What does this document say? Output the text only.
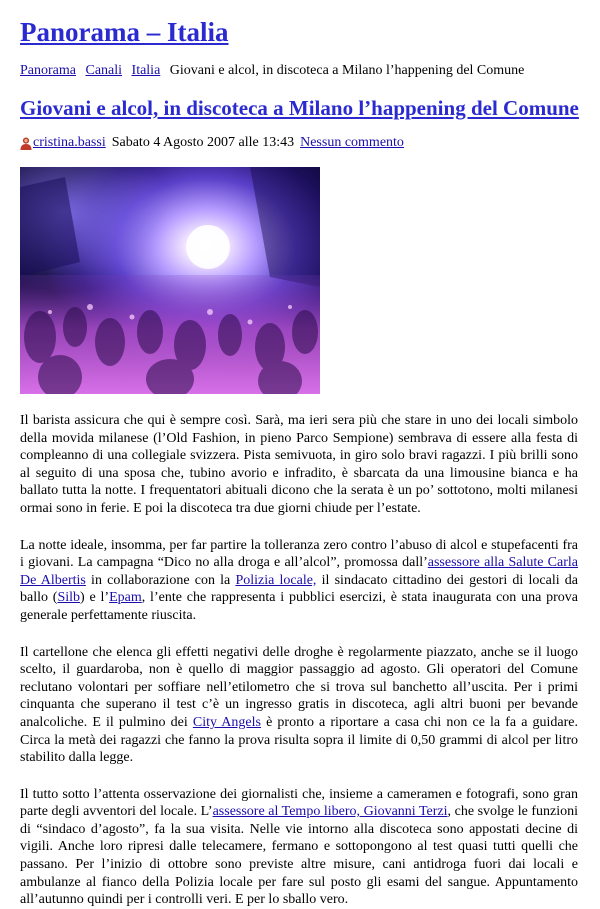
Panorama – Italia
Panorama Canali Italia Giovani e alcol, in discoteca a Milano l’happening del Comune
Giovani e alcol, in discoteca a Milano l’happening del Comune
cristina.bassi Sabato 4 Agosto 2007 alle 13:43 Nessun commento

Il barista assicura che qui è sempre così. Sarà, ma ieri sera più che stare in uno dei locali simbolo della movida milanese (l’Old Fashion, in pieno Parco Sempione) sembrava di essere alla festa di compleanno di una collegiale svizzera. Pista semivuota, in giro solo bravi ragazzi. I più brilli sono al seguito di una sposa che, tubino avorio e infradito, è sbarcata da una limousine bianca e ha ballato tutta la notte. I frequentatori abituali dicono che la serata è un po’ sottotono, molti milanesi ormai sono in ferie. E poi la discoteca tra due giorni chiude per l’estate.

La notte ideale, insomma, per far partire la tolleranza zero contro l’abuso di alcol e stupefacenti fra i giovani. La campagna “Dico no alla droga e all’alcol”, promossa dall’assessore alla Salute Carla De Albertis in collaborazione con la Polizia locale, il sindacato cittadino dei gestori di locali da ballo (Silb) e l’Epam, l’ente che rappresenta i pubblici esercizi, è stata inaugurata con una prova generale perfettamente riuscita.

Il cartellone che elenca gli effetti negativi delle droghe è regolarmente piazzato, anche se il luogo scelto, il guardaroba, non è quello di maggior passaggio ad agosto. Gli operatori del Comune reclutano volontari per soffiare nell’etilometro che si trova sul banchetto all’uscita. Per i primi cinquanta che superano il test c’è un ingresso gratis in discoteca, agli altri buoni per bevande analcoliche. E il pulmino dei City Angels è pronto a riportare a casa chi non ce la fa a guidare. Circa la metà dei ragazzi che fanno la prova risulta sopra il limite di 0,50 grammi di alcol per litro stabilito dalla legge.

Il tutto sotto l’attenta osservazione dei giornalisti che, insieme a cameramen e fotografi, sono gran parte degli avventori del locale. L’assessore al Tempo libero, Giovanni Terzi, che svolge le funzioni di “sindaco d’agosto”, fa la sua visita. Nelle vie intorno alla discoteca sono appostati decine di vigili. Anche loro ripresi dalle telecamere, fermano e sottopongono al test quasi tutti quelli che passano. Per l’inizio di ottobre sono previste altre misure, cani antidroga fuori dai locali e ambulanze al fianco della Polizia locale per fare sul posto gli esami del sangue. Appuntamento all’autunno quindi per i controlli veri. E per lo sballo vero.
